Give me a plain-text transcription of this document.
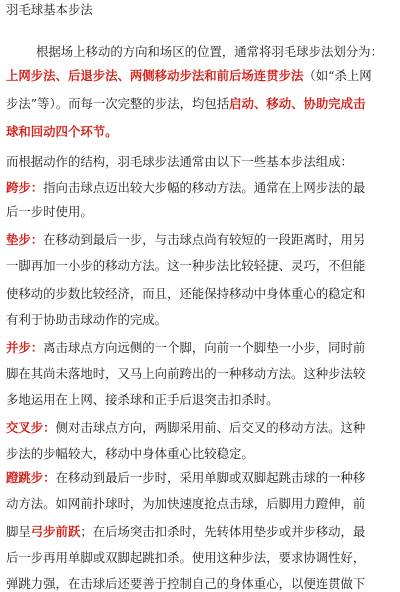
羽毛球基本步法
根据场上移动的方向和场区的位置，通常将羽毛球步法划分为：
上网步法、后退步法、两侧移动步法和前后场连贯步法（如“杀上网
步法”等）。而每一次完整的步法，均包括启动、移动、协助完成击
球和回动四个环节。
而根据动作的结构，羽毛球步法通常由以下一些基本步法组成：
跨步：指向击球点迈出较大步幅的移动方法。通常在上网步法的最
后一步时使用。
垫步：在移动到最后一步，与击球点尚有较短的一段距离时，用另
一脚再加一小步的移动方法。这一种步法比较轻捷、灵巧，不但能
使移动的步数比较经济，而且，还能保持移动中身体重心的稳定和
有利于协助击球动作的完成。
并步：离击球点方向远侧的一个脚，向前一个脚垫一小步，同时前
脚在其尚未落地时，又马上向前跨出的一种移动方法。这种步法较
多地运用在上网、接杀球和正手后退突击扣杀时。
交叉步：侧对击球点方向，两脚采用前、后交叉的移动方法。这种
步法的步幅较大，移动中身体重心比较稳定。
蹬跳步：在移动到最后一步时，采用单脚或双脚起跳击球的一种移
动方法。如网前扑球时，为加快速度抢点击球，后脚用力蹬伸，前
脚呈弓步前跃；在后场突击扣杀时，先转体用垫步或并步移动，最
后一步再用单脚或双脚起跳扣杀。使用这种步法，要求协调性好，
弹跳力强，在击球后还要善于控制自己的身体重心，以便连贯做下
